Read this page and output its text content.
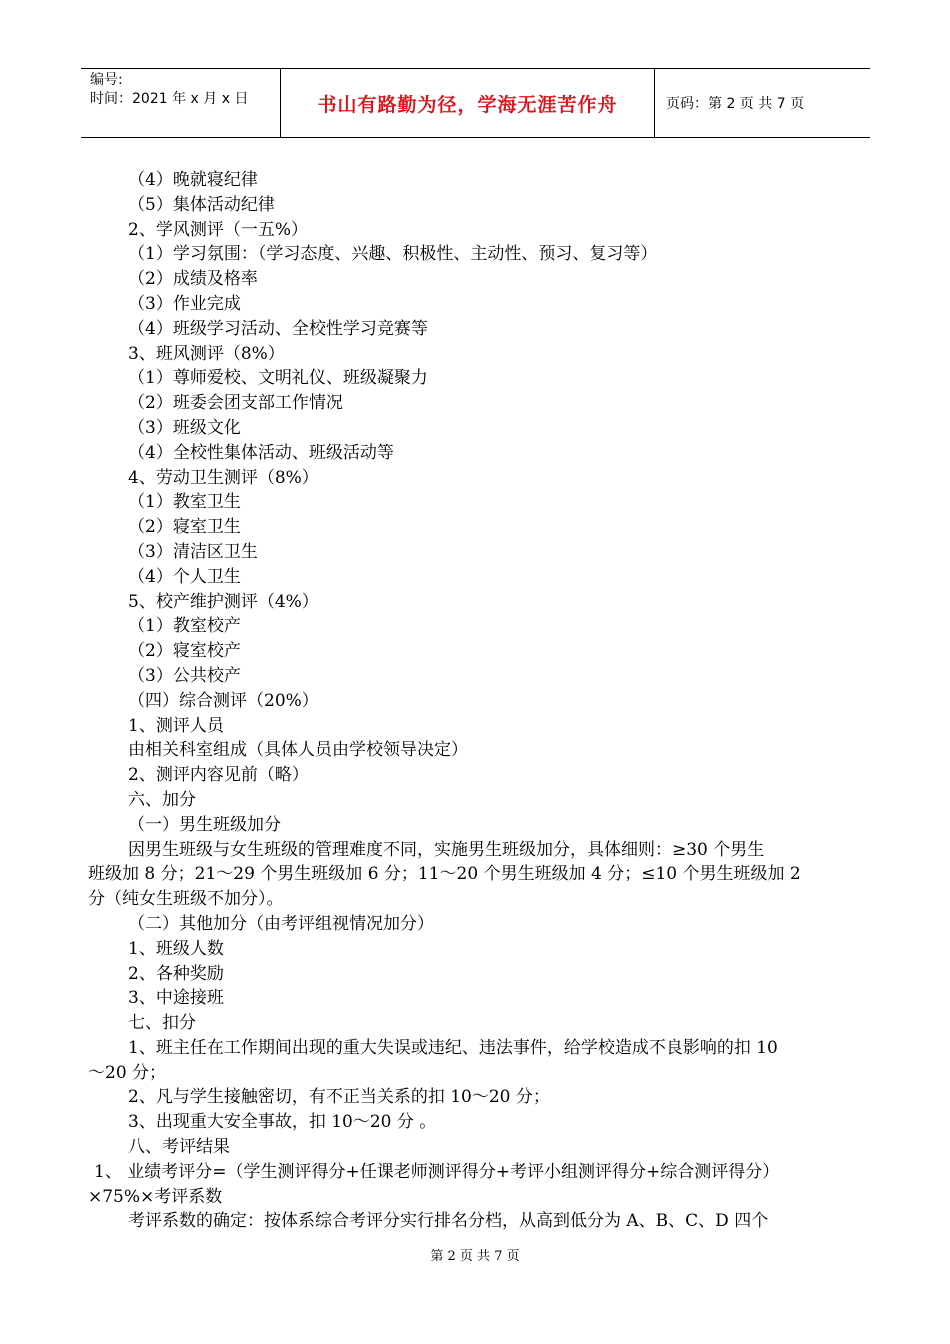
编号:
时间：2021 年 x 月 x 日	书山有路勤为径，学海无涯苦作舟	页码：第 2 页 共 7 页
（4）晚就寝纪律
（5）集体活动纪律
2、学风测评（一五%）
（1）学习氛围：（学习态度、兴趣、积极性、主动性、预习、复习等）
（2）成绩及格率
（3）作业完成
（4）班级学习活动、全校性学习竞赛等
3、班风测评（8%）
（1）尊师爱校、文明礼仪、班级凝聚力
（2）班委会团支部工作情况
（3）班级文化
（4）全校性集体活动、班级活动等
4、劳动卫生测评（8%）
（1）教室卫生
（2）寝室卫生
（3）清洁区卫生
（4）个人卫生
5、校产维护测评（4%）
（1）教室校产
（2）寝室校产
（3）公共校产
（四）综合测评（20%）
1、测评人员
由相关科室组成（具体人员由学校领导决定）
2、测评内容见前（略）
六、加分
（一）男生班级加分
因男生班级与女生班级的管理难度不同，实施男生班级加分，具体细则：≥30 个男生
班级加 8 分；21～29 个男生班级加 6 分；11～20 个男生班级加 4 分；≤10 个男生班级加 2
分（纯女生班级不加分）。
（二）其他加分（由考评组视情况加分）
1、班级人数
2、各种奖励
3、中途接班
七、扣分
1、班主任在工作期间出现的重大失误或违纪、违法事件，给学校造成不良影响的扣 10
～20 分；
2、凡与学生接触密切，有不正当关系的扣 10～20 分；
3、出现重大安全事故，扣 10～20 分 。
八、考评结果
1、 业绩考评分=（学生测评得分+任课老师测评得分+考评小组测评得分+综合测评得分）
×75%×考评系数
考评系数的确定：按体系综合考评分实行排名分档，从高到低分为 A、B、C、D 四个
第 2 页 共 7 页
